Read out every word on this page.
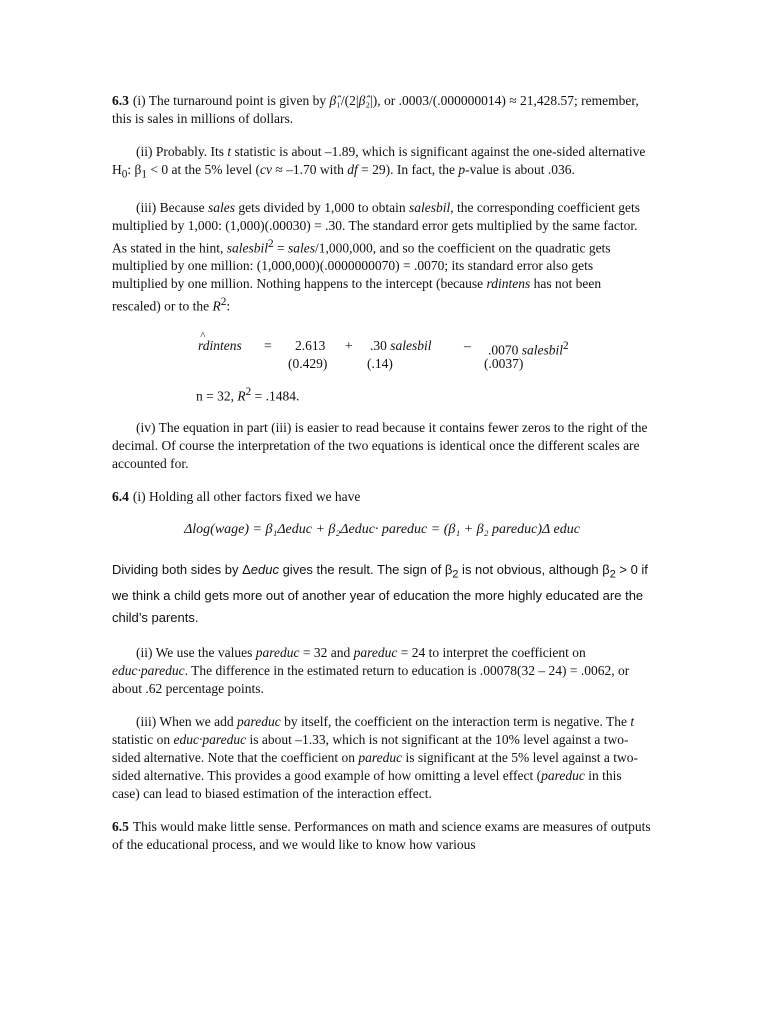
6.3 (i) The turnaround point is given by β̂₁/(2|β̂₂|), or .0003/(.000000014) ≈ 21,428.57; remember, this is sales in millions of dollars.

(ii) Probably. Its t statistic is about –1.89, which is significant against the one-sided alternative $H_0$: $\beta_1 < 0$ at the 5% level (cv ≈ –1.70 with df = 29). In fact, the p-value is about .036.

(iii) Because sales gets divided by 1,000 to obtain salesbil, the corresponding coefficient gets multiplied by 1,000: (1,000)(.00030) = .30. The standard error gets multiplied by the same factor. As stated in the hint, salesbil$^2$ = sales/1,000,000, and so the coefficient on the quadratic gets multiplied by one million: (1,000,000)(.0000000070) = .0070; its standard error also gets multiplied by one million. Nothing happens to the intercept (because rdintens has not been rescaled) or to the $R^2$:

^ rdintens = 2.613 + .30 salesbil – .0070 salesbil$^2$
(0.429)	(.14)	(.0037)
n = 32, $R^2 = .1484$.

(iv) The equation in part (iii) is easier to read because it contains fewer zeros to the right of the decimal. Of course the interpretation of the two equations is identical once the different scales are accounted for.

6.4 (i) Holding all other factors fixed we have

Δlog(wage) = β₁Δeduc + β₂Δeduc· pareduc = (β₁ + β₂ pareduc)Δ educ

Dividing both sides by Δeduc gives the result. The sign of $\beta_2$ is not obvious, although $\beta_2 > 0$ if we think a child gets more out of another year of education the more highly educated are the child’s parents.

(ii) We use the values pareduc = 32 and pareduc = 24 to interpret the coefficient on educ·pareduc. The difference in the estimated return to education is .00078(32 – 24) = .0062, or about .62 percentage points.

(iii) When we add pareduc by itself, the coefficient on the interaction term is negative. The t statistic on educ·pareduc is about –1.33, which is not significant at the 10% level against a two-sided alternative. Note that the coefficient on pareduc is significant at the 5% level against a two-sided alternative. This provides a good example of how omitting a level effect (pareduc in this case) can lead to biased estimation of the interaction effect.

6.5 This would make little sense. Performances on math and science exams are measures of outputs of the educational process, and we would like to know how various
